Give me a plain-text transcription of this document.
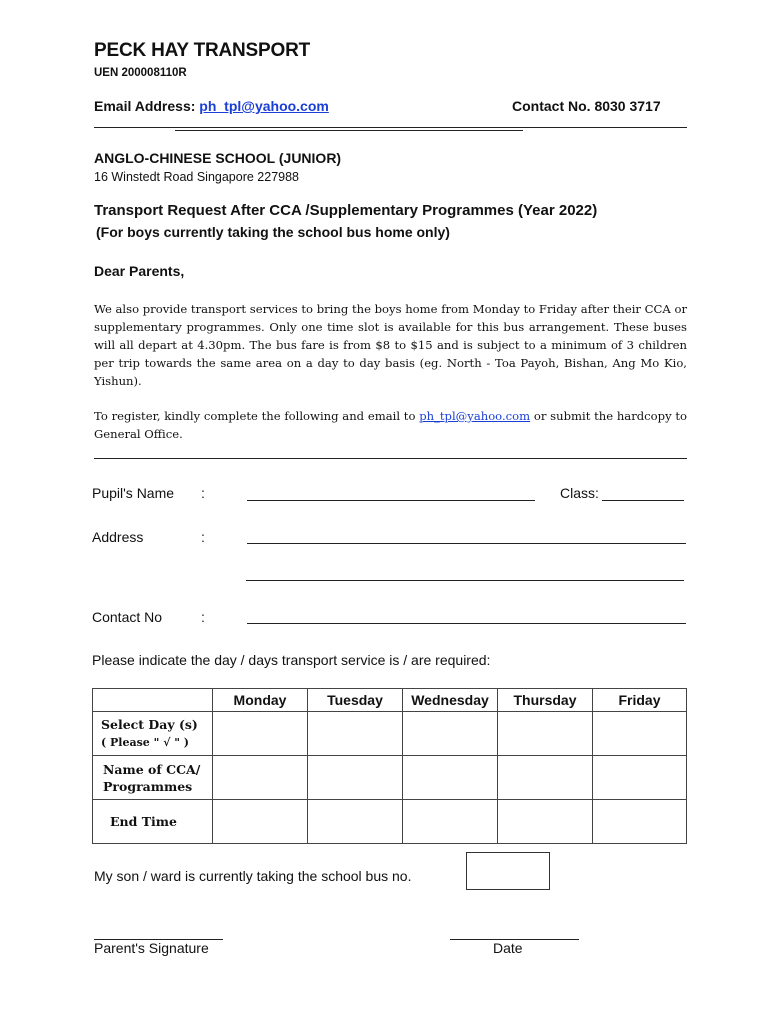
PECK HAY TRANSPORT
UEN 200008110R
Email Address: ph_tpl@yahoo.com	Contact No. 8030 3717
ANGLO-CHINESE SCHOOL (JUNIOR)
16 Winstedt Road Singapore 227988
Transport Request After CCA /Supplementary Programmes (Year 2022)
(For boys currently taking the school bus home only)
Dear Parents,
We also provide transport services to bring the boys home from Monday to Friday after their CCA or supplementary programmes. Only one time slot is available for this bus arrangement. These buses will all depart at 4.30pm. The bus fare is from $8 to $15 and is subject to a minimum of 3 children per trip towards the same area on a day to day basis (eg. North - Toa Payoh, Bishan, Ang Mo Kio, Yishun).
To register, kindly complete the following and email to ph_tpl@yahoo.com or submit the hardcopy to General Office.
Pupil's Name :	Class:
Address	:
Contact No	:
Please indicate the day / days transport service is / are required:
	Monday	Tuesday	Wednesday	Thursday	Friday

Select Day (s)
( Please " √ " )					

Name of CCA/
Programmes					

End Time					
My son / ward is currently taking the school bus no.
Parent's Signature	Date
